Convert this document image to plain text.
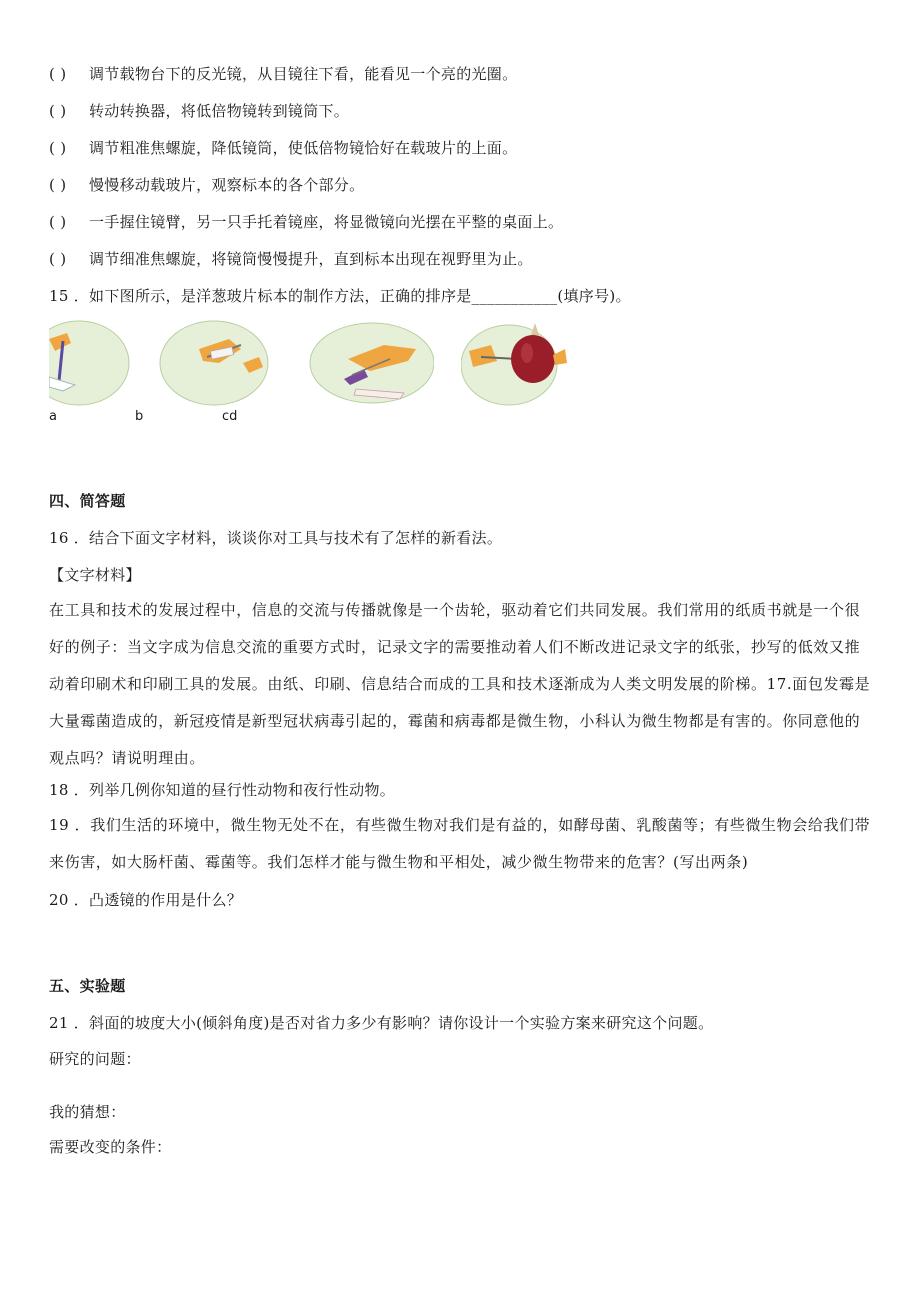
( ) 调节载物台下的反光镜，从目镜往下看，能看见一个亮的光圈。
( ) 转动转换器，将低倍物镜转到镜筒下。
( ) 调节粗准焦螺旋，降低镜筒，使低倍物镜恰好在载玻片的上面。
( ) 慢慢移动载玻片，观察标本的各个部分。
( ) 一手握住镜臂，另一只手托着镜座，将显微镜向光摆在平整的桌面上。
( ) 调节细准焦螺旋，将镜筒慢慢提升，直到标本出现在视野里为止。
15 ．如下图所示，是洋葱玻片标本的制作方法，正确的排序是___________(填序号)。
a	b	cd
四、简答题
16 ．结合下面文字材料，谈谈你对工具与技术有了怎样的新看法。
【文字材料】
在工具和技术的发展过程中，信息的交流与传播就像是一个齿轮，驱动着它们共同发展。我们常用的纸质书就是一个很好的例子：当文字成为信息交流的重要方式时，记录文字的需要推动着人们不断改进记录文字的纸张，抄写的低效又推动着印刷术和印刷工具的发展。由纸、印刷、信息结合而成的工具和技术逐渐成为人类文明发展的阶梯。17.面包发霉是大量霉菌造成的，新冠疫情是新型冠状病毒引起的，霉菌和病毒都是微生物，小科认为微生物都是有害的。你同意他的观点吗？请说明理由。
18 ．列举几例你知道的昼行性动物和夜行性动物。
19 ．我们生活的环境中，微生物无处不在，有些微生物对我们是有益的，如酵母菌、乳酸菌等；有些微生物会给我们带来伤害，如大肠杆菌、霉菌等。我们怎样才能与微生物和平相处，减少微生物带来的危害？(写出两条)
20 ．凸透镜的作用是什么？
五、实验题
21 ．斜面的坡度大小(倾斜角度)是否对省力多少有影响？请你设计一个实验方案来研究这个问题。
研究的问题：
我的猜想：
需要改变的条件：
